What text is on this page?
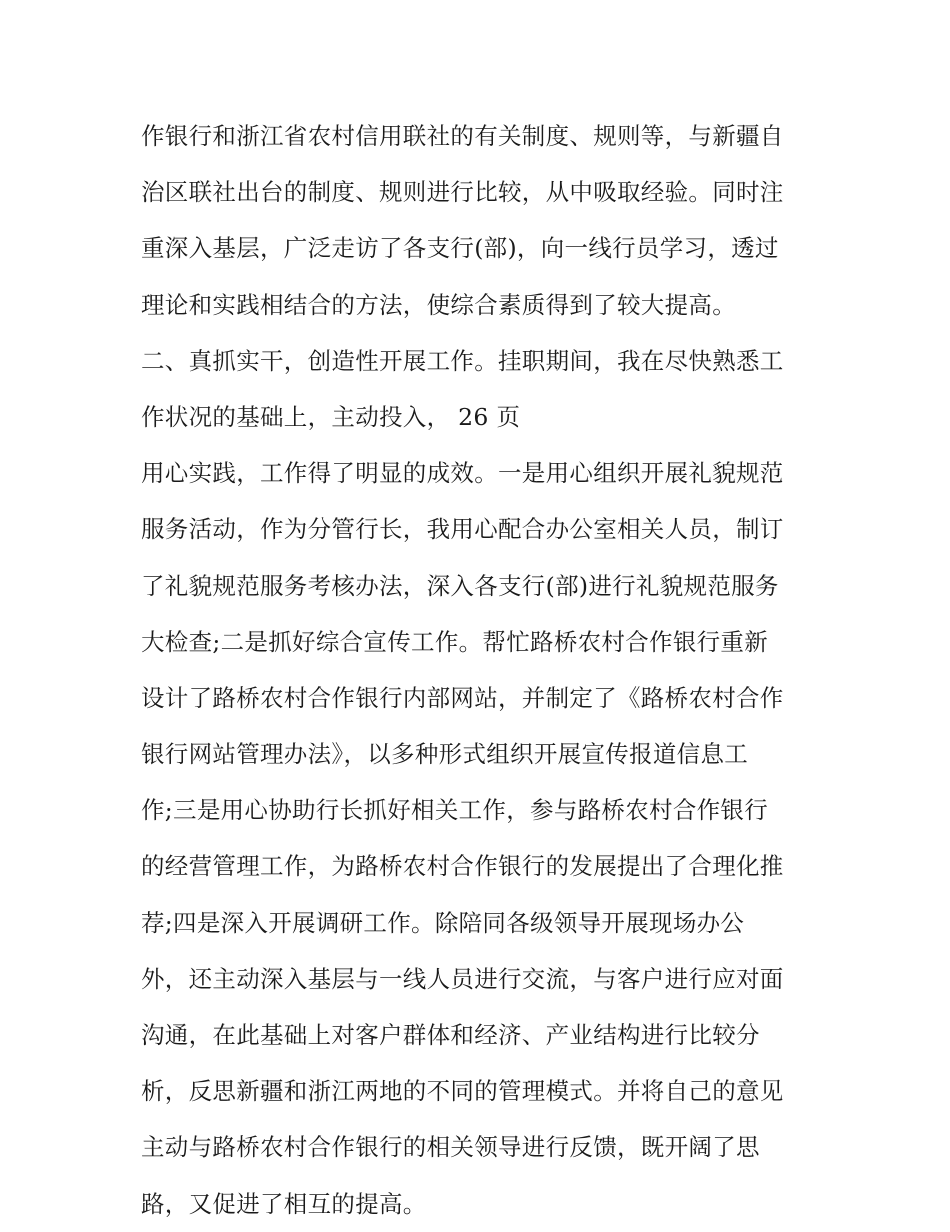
作银行和浙江省农村信用联社的有关制度、规则等，与新疆自
治区联社出台的制度、规则进行比较，从中吸取经验。同时注
重深入基层，广泛走访了各支行(部)，向一线行员学习，透过
理论和实践相结合的方法，使综合素质得到了较大提高。
二、真抓实干，创造性开展工作。挂职期间，我在尽快熟悉工
作状况的基础上，主动投入， 26 页
用心实践，工作得了明显的成效。一是用心组织开展礼貌规范
服务活动，作为分管行长，我用心配合办公室相关人员，制订
了礼貌规范服务考核办法，深入各支行(部)进行礼貌规范服务
大检查;二是抓好综合宣传工作。帮忙路桥农村合作银行重新
设计了路桥农村合作银行内部网站，并制定了《路桥农村合作
银行网站管理办法》，以多种形式组织开展宣传报道信息工
作;三是用心协助行长抓好相关工作，参与路桥农村合作银行
的经营管理工作，为路桥农村合作银行的发展提出了合理化推
荐;四是深入开展调研工作。除陪同各级领导开展现场办公
外，还主动深入基层与一线人员进行交流，与客户进行应对面
沟通，在此基础上对客户群体和经济、产业结构进行比较分
析，反思新疆和浙江两地的不同的管理模式。并将自己的意见
主动与路桥农村合作银行的相关领导进行反馈，既开阔了思
路，又促进了相互的提高。
